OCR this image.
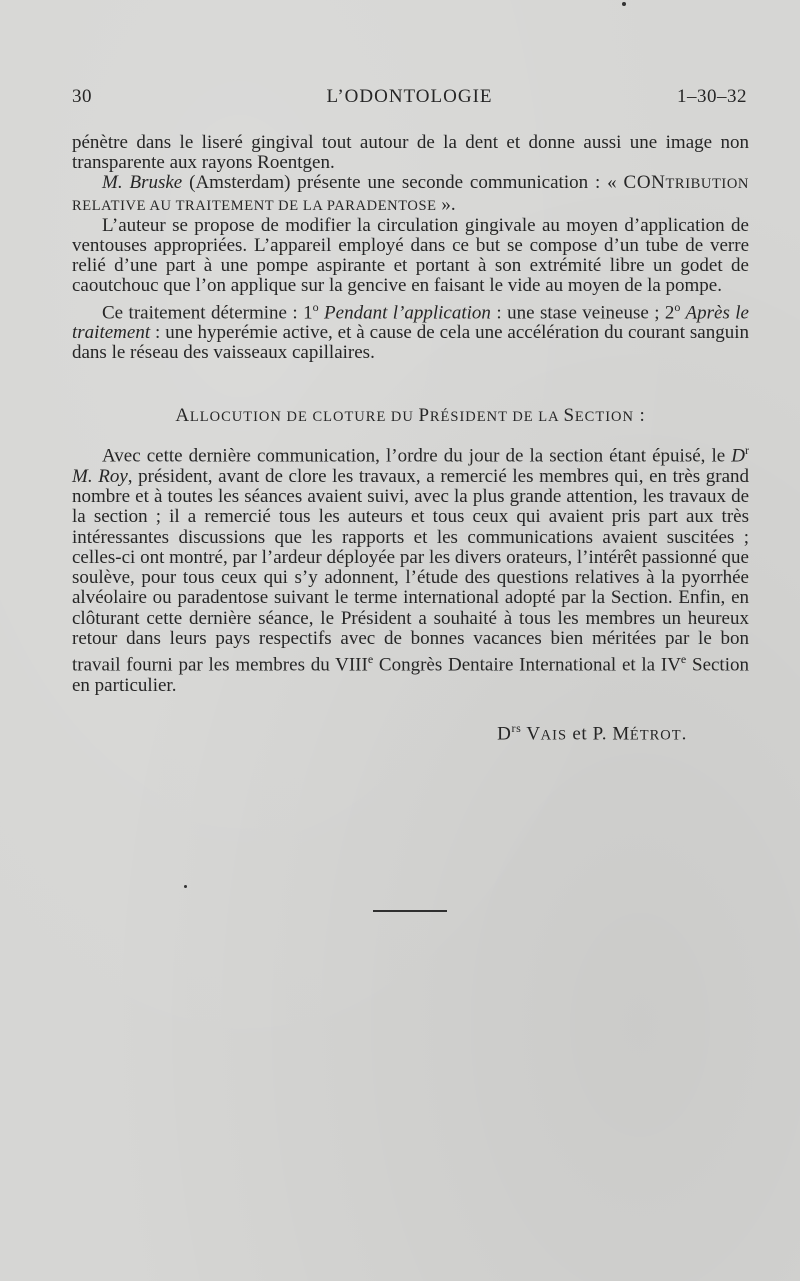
30	L’ODONTOLOGIE	1–30–32

pénètre dans le liseré gingival tout autour de la dent et donne aussi une image non transparente aux rayons Roentgen.

M. Bruske (Amsterdam) présente une seconde communication : « CONTRIBUTION RELATIVE AU TRAITEMENT DE LA PARADENTOSE ».

L’auteur se propose de modifier la circulation gingivale au moyen d’application de ventouses appropriées. L’appareil employé dans ce but se compose d’un tube de verre relié d’une part à une pompe aspirante et portant à son extrémité libre un godet de caoutchouc que l’on applique sur la gencive en faisant le vide au moyen de la pompe.

Ce traitement détermine : 1$^o$ Pendant l’application : une stase veineuse ; 2$^o$ Après le traitement : une hyperémie active, et à cause de cela une accélération du courant sanguin dans le réseau des vaisseaux capillaires.

ALLOCUTION DE CLOTURE DU PRÉSIDENT DE LA SECTION :

Avec cette dernière communication, l’ordre du jour de la section étant épuisé, le $D^r$ M. Roy, président, avant de clore les travaux, a remercié les membres qui, en très grand nombre et à toutes les séances avaient suivi, avec la plus grande attention, les travaux de la section ; il a remercié tous les auteurs et tous ceux qui avaient pris part aux très intéressantes discussions que les rapports et les communications avaient suscitées ; celles-ci ont montré, par l’ardeur déployée par les divers orateurs, l’intérêt passionné que soulève, pour tous ceux qui s’y adonnent, l’étude des questions relatives à la pyorrhée alvéolaire ou paradentose suivant le terme international adopté par la Section. Enfin, en clôturant cette dernière séance, le Président a souhaité à tous les membres un heureux retour dans leurs pays respectifs avec de bonnes vacances bien méritées par le bon travail fourni par les membres du VIIIe Congrès Dentaire International et la IVe Section en particulier.

$D^{rs}$ VAIS et P. MÉTROT.
